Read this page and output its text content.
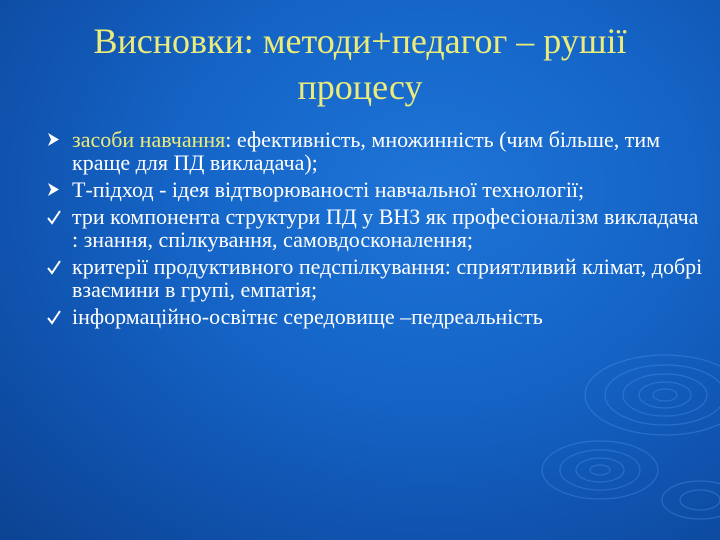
Висновки: методи+педагог – рушії процесу
засоби навчання: ефективність, множинність (чим більше, тим краще для ПД викладача);
Т-підход - ідея відтворюваності навчальної технології;
три компонента структури ПД у ВНЗ як професіоналізм викладача : знання, спілкування, самовдосконалення;
критерії продуктивного педспілкування: сприятливий клімат, добрі взаємини в групі, емпатія;
інформаційно-освітнє середовище –педреальність
